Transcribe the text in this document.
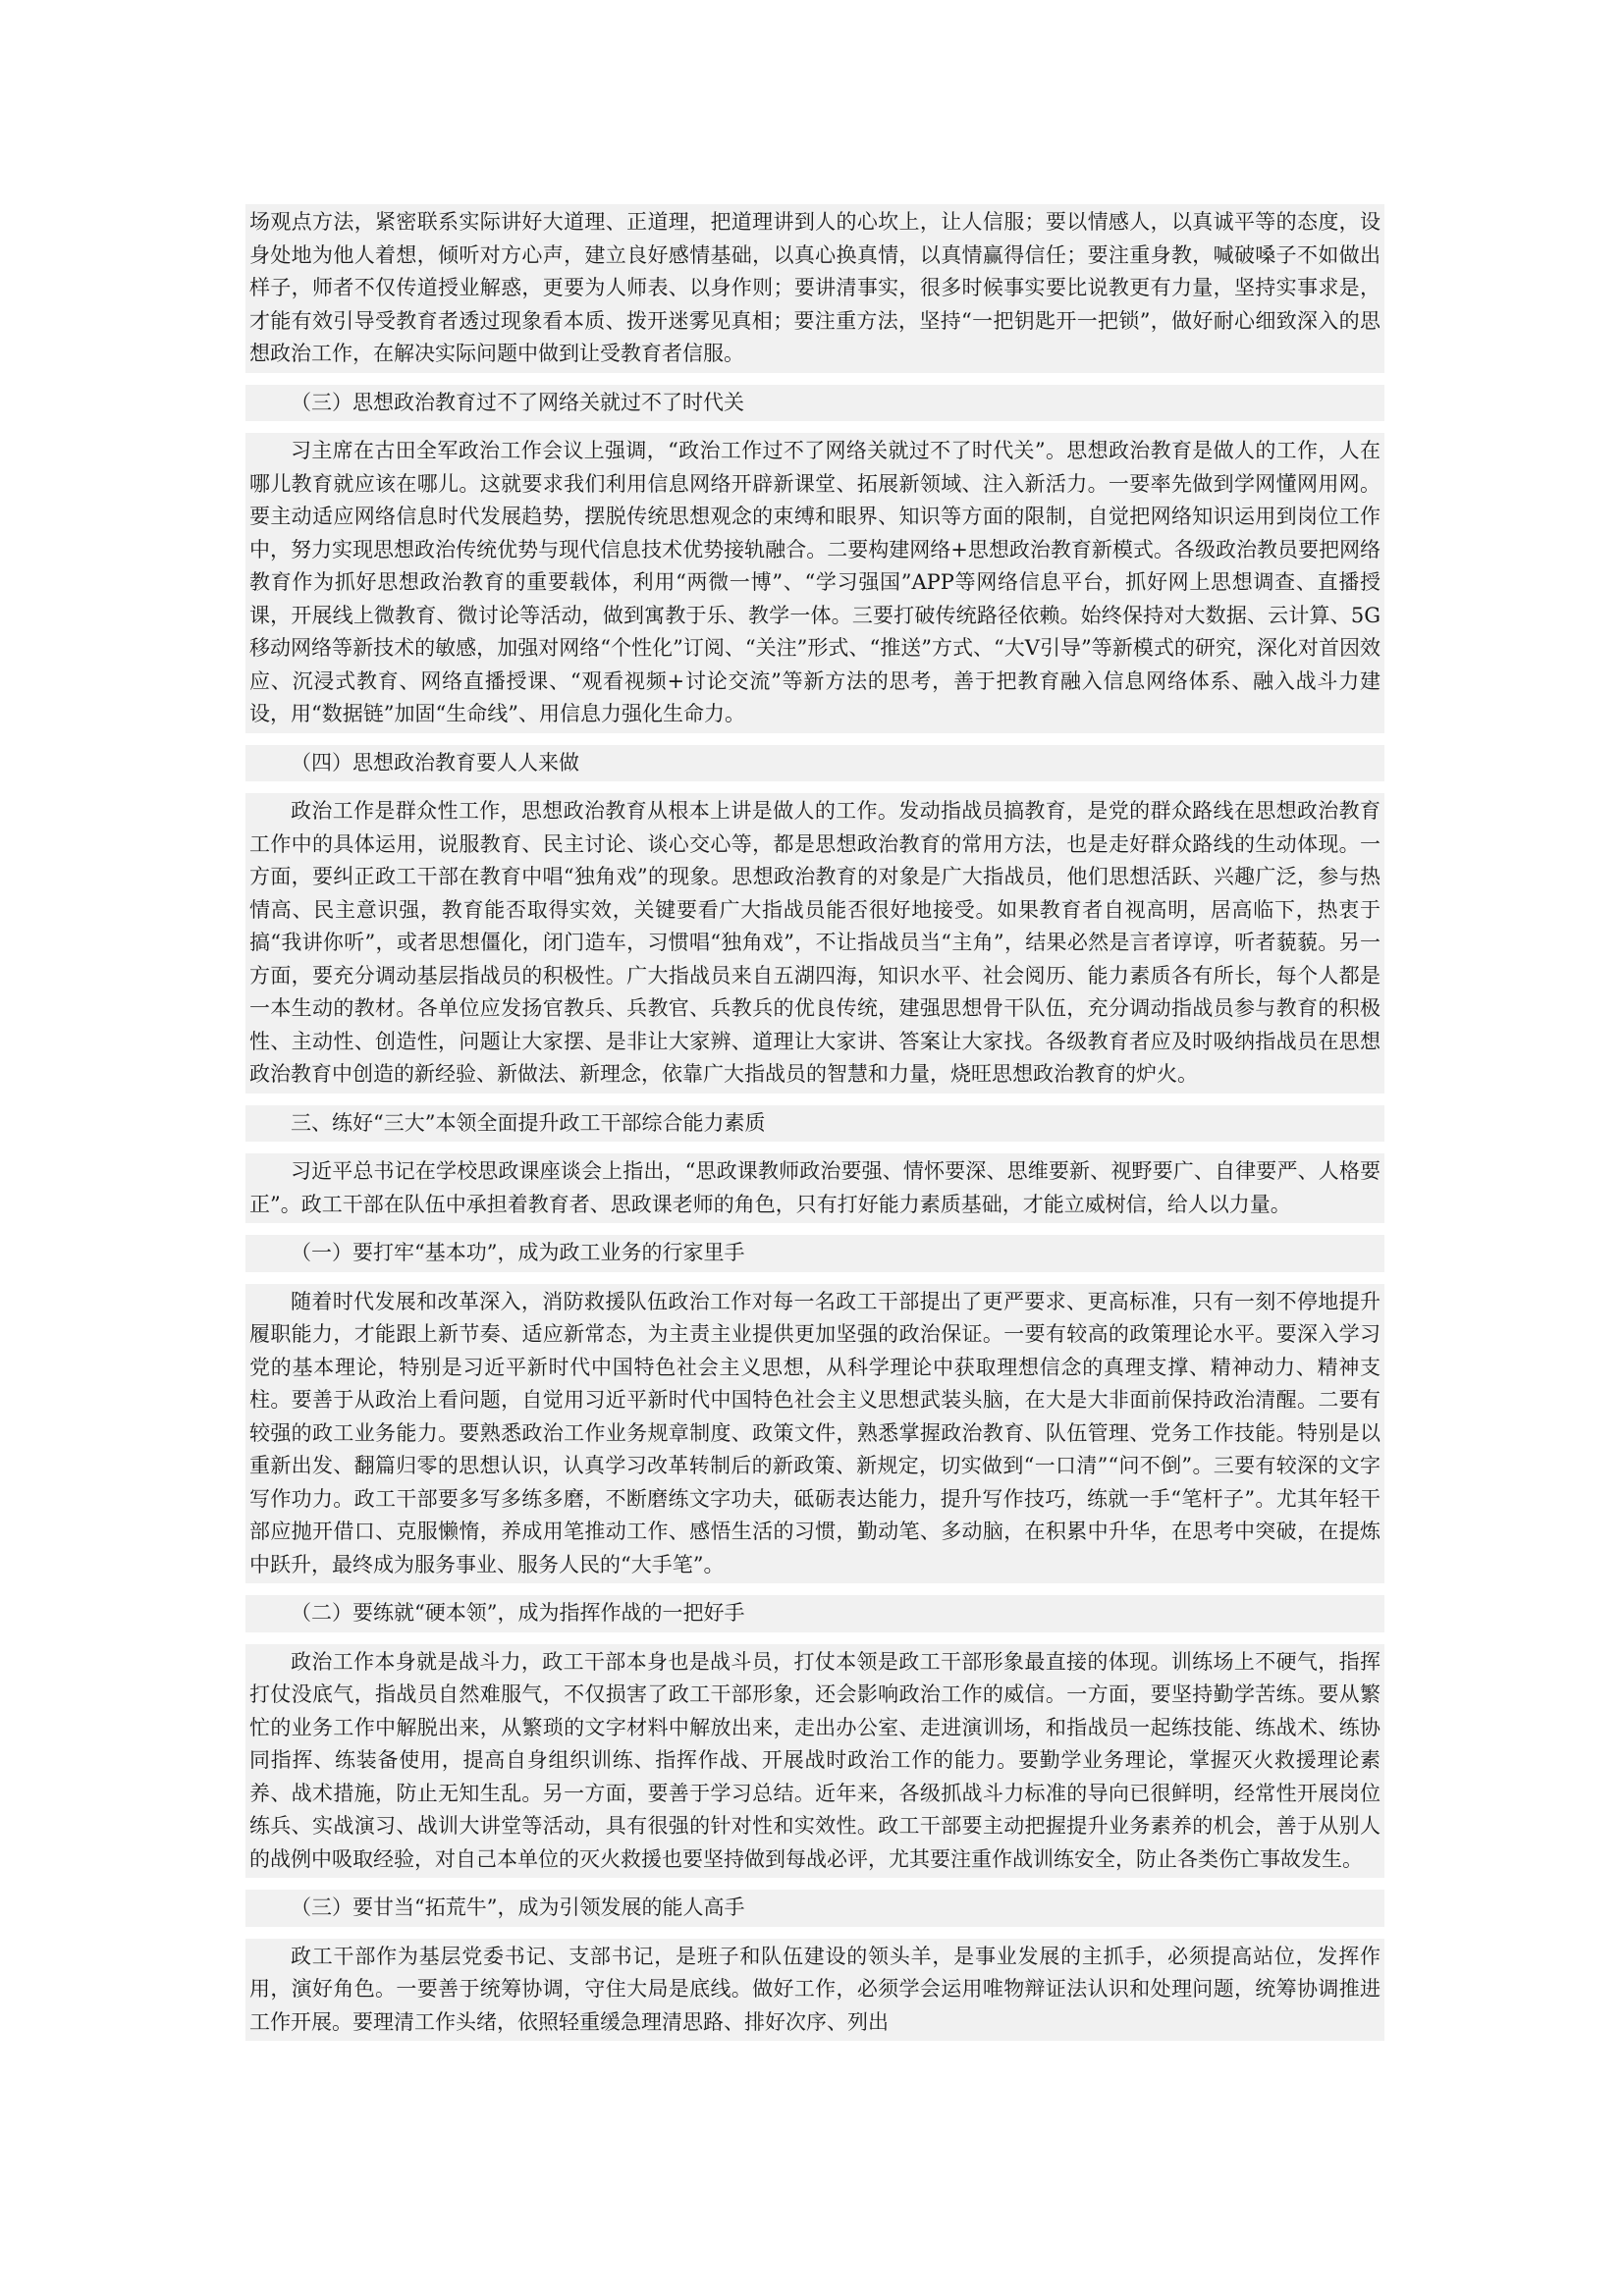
场观点方法，紧密联系实际讲好大道理、正道理，把道理讲到人的心坎上，让人信服；要以情感人，以真诚平等的态度，设身处地为他人着想，倾听对方心声，建立良好感情基础，以真心换真情，以真情赢得信任；要注重身教，喊破嗓子不如做出样子，师者不仅传道授业解惑，更要为人师表、以身作则；要讲清事实，很多时候事实要比说教更有力量，坚持实事求是，才能有效引导受教育者透过现象看本质、拨开迷雾见真相；要注重方法，坚持“一把钥匙开一把锁”，做好耐心细致深入的思想政治工作，在解决实际问题中做到让受教育者信服。
（三）思想政治教育过不了网络关就过不了时代关
习主席在古田全军政治工作会议上强调，“政治工作过不了网络关就过不了时代关”。思想政治教育是做人的工作，人在哪儿教育就应该在哪儿。这就要求我们利用信息网络开辟新课堂、拓展新领域、注入新活力。一要率先做到学网懂网用网。要主动适应网络信息时代发展趋势，摆脱传统思想观念的束缚和眼界、知识等方面的限制，自觉把网络知识运用到岗位工作中，努力实现思想政治传统优势与现代信息技术优势接轨融合。二要构建网络+思想政治教育新模式。各级政治教员要把网络教育作为抓好思想政治教育的重要载体，利用“两微一博”、“学习强国”APP等网络信息平台，抓好网上思想调查、直播授课，开展线上微教育、微讨论等活动，做到寓教于乐、教学一体。三要打破传统路径依赖。始终保持对大数据、云计算、5G移动网络等新技术的敏感，加强对网络“个性化”订阅、“关注”形式、“推送”方式、“大V引导”等新模式的研究，深化对首因效应、沉浸式教育、网络直播授课、“观看视频+讨论交流”等新方法的思考，善于把教育融入信息网络体系、融入战斗力建设，用“数据链”加固“生命线”、用信息力强化生命力。
（四）思想政治教育要人人来做
政治工作是群众性工作，思想政治教育从根本上讲是做人的工作。发动指战员搞教育，是党的群众路线在思想政治教育工作中的具体运用，说服教育、民主讨论、谈心交心等，都是思想政治教育的常用方法，也是走好群众路线的生动体现。一方面，要纠正政工干部在教育中唱“独角戏”的现象。思想政治教育的对象是广大指战员，他们思想活跃、兴趣广泛，参与热情高、民主意识强，教育能否取得实效，关键要看广大指战员能否很好地接受。如果教育者自视高明，居高临下，热衷于搞“我讲你听”，或者思想僵化，闭门造车，习惯唱“独角戏”，不让指战员当“主角”，结果必然是言者谆谆，听者藐藐。另一方面，要充分调动基层指战员的积极性。广大指战员来自五湖四海，知识水平、社会阅历、能力素质各有所长，每个人都是一本生动的教材。各单位应发扬官教兵、兵教官、兵教兵的优良传统，建强思想骨干队伍，充分调动指战员参与教育的积极性、主动性、创造性，问题让大家摆、是非让大家辨、道理让大家讲、答案让大家找。各级教育者应及时吸纳指战员在思想政治教育中创造的新经验、新做法、新理念，依靠广大指战员的智慧和力量，烧旺思想政治教育的炉火。
三、练好“三大”本领全面提升政工干部综合能力素质
习近平总书记在学校思政课座谈会上指出，“思政课教师政治要强、情怀要深、思维要新、视野要广、自律要严、人格要正”。政工干部在队伍中承担着教育者、思政课老师的角色，只有打好能力素质基础，才能立威树信，给人以力量。
（一）要打牢“基本功”，成为政工业务的行家里手
随着时代发展和改革深入，消防救援队伍政治工作对每一名政工干部提出了更严要求、更高标准，只有一刻不停地提升履职能力，才能跟上新节奏、适应新常态，为主责主业提供更加坚强的政治保证。一要有较高的政策理论水平。要深入学习党的基本理论，特别是习近平新时代中国特色社会主义思想，从科学理论中获取理想信念的真理支撑、精神动力、精神支柱。要善于从政治上看问题，自觉用习近平新时代中国特色社会主义思想武装头脑，在大是大非面前保持政治清醒。二要有较强的政工业务能力。要熟悉政治工作业务规章制度、政策文件，熟悉掌握政治教育、队伍管理、党务工作技能。特别是以重新出发、翻篇归零的思想认识，认真学习改革转制后的新政策、新规定，切实做到“一口清”“问不倒”。三要有较深的文字写作功力。政工干部要多写多练多磨，不断磨练文字功夫，砥砺表达能力，提升写作技巧，练就一手“笔杆子”。尤其年轻干部应抛开借口、克服懒惰，养成用笔推动工作、感悟生活的习惯，勤动笔、多动脑，在积累中升华，在思考中突破，在提炼中跃升，最终成为服务事业、服务人民的“大手笔”。
（二）要练就“硬本领”，成为指挥作战的一把好手
政治工作本身就是战斗力，政工干部本身也是战斗员，打仗本领是政工干部形象最直接的体现。训练场上不硬气，指挥打仗没底气，指战员自然难服气，不仅损害了政工干部形象，还会影响政治工作的威信。一方面，要坚持勤学苦练。要从繁忙的业务工作中解脱出来，从繁琐的文字材料中解放出来，走出办公室、走进演训场，和指战员一起练技能、练战术、练协同指挥、练装备使用，提高自身组织训练、指挥作战、开展战时政治工作的能力。要勤学业务理论，掌握灭火救援理论素养、战术措施，防止无知生乱。另一方面，要善于学习总结。近年来，各级抓战斗力标准的导向已很鲜明，经常性开展岗位练兵、实战演习、战训大讲堂等活动，具有很强的针对性和实效性。政工干部要主动把握提升业务素养的机会，善于从别人的战例中吸取经验，对自己本单位的灭火救援也要坚持做到每战必评，尤其要注重作战训练安全，防止各类伤亡事故发生。
（三）要甘当“拓荒牛”，成为引领发展的能人高手
政工干部作为基层党委书记、支部书记，是班子和队伍建设的领头羊，是事业发展的主抓手，必须提高站位，发挥作用，演好角色。一要善于统筹协调，守住大局是底线。做好工作，必须学会运用唯物辩证法认识和处理问题，统筹协调推进工作开展。要理清工作头绪，依照轻重缓急理清思路、排好次序、列出
